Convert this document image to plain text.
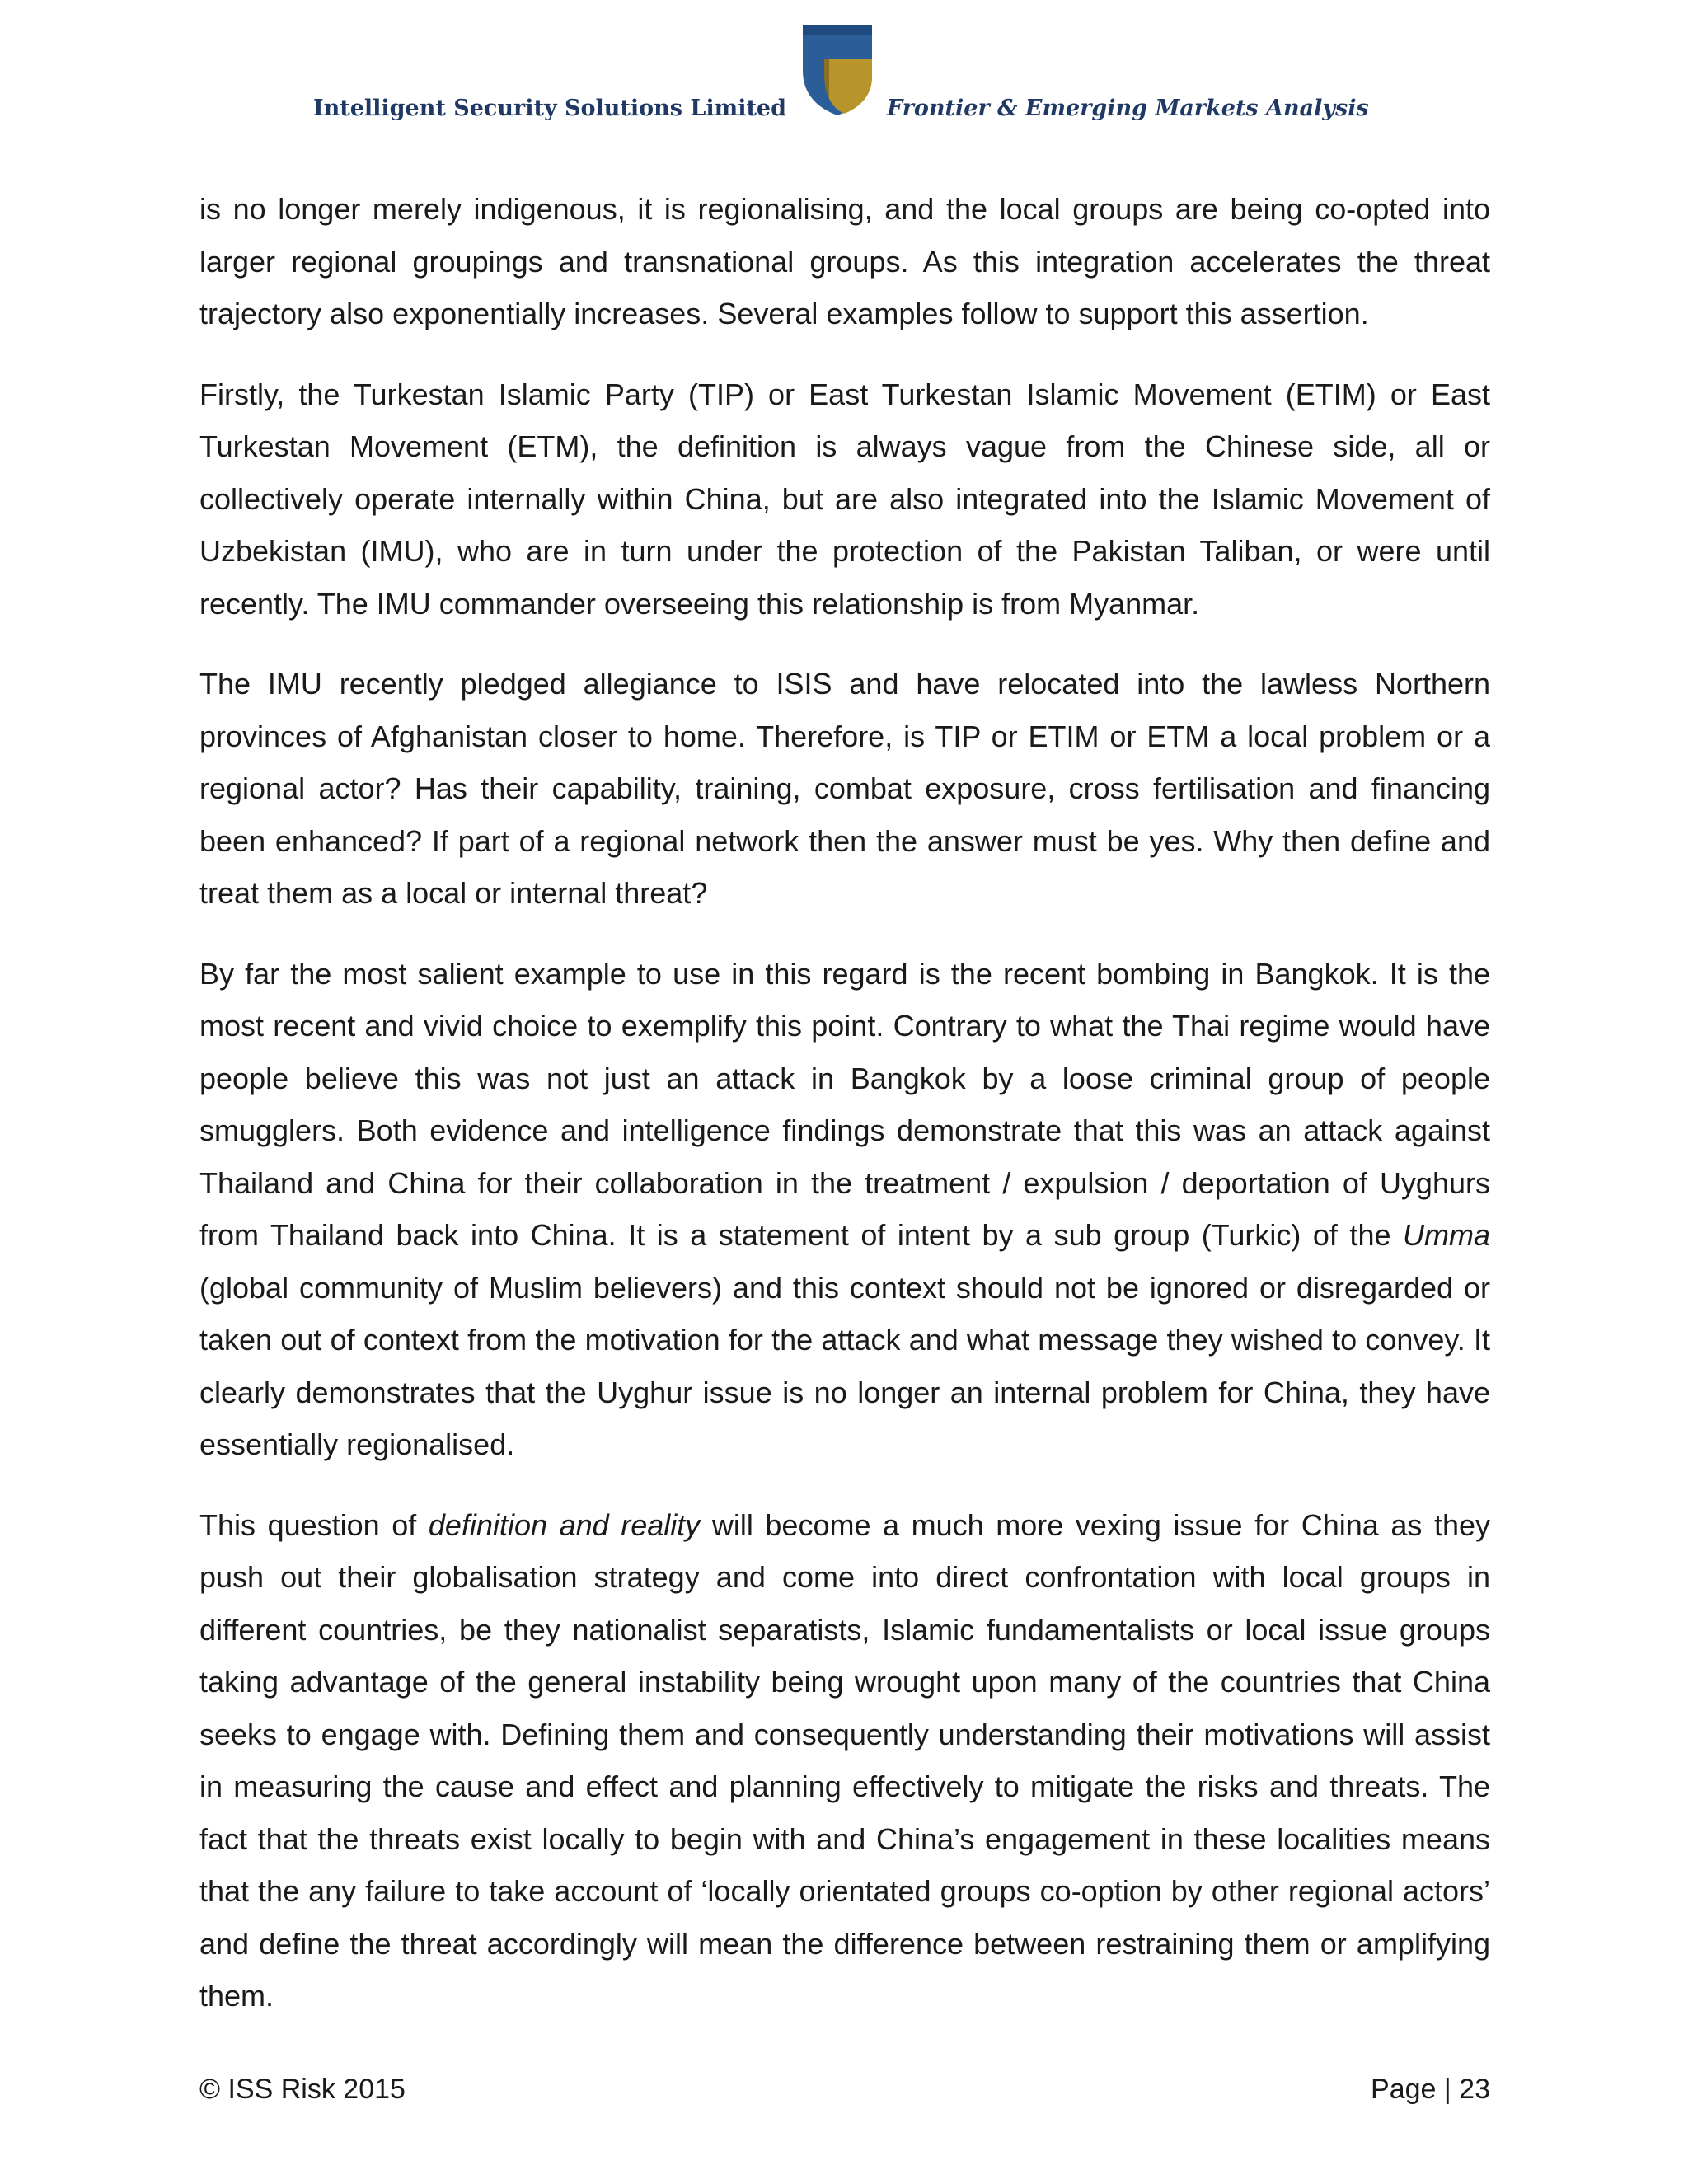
Intelligent Security Solutions Limited	Frontier & Emerging Markets Analysis

is no longer merely indigenous, it is regionalising, and the local groups are being co-opted into larger regional groupings and transnational groups. As this integration accelerates the threat trajectory also exponentially increases. Several examples follow to support this assertion.

Firstly, the Turkestan Islamic Party (TIP) or East Turkestan Islamic Movement (ETIM) or East Turkestan Movement (ETM), the definition is always vague from the Chinese side, all or collectively operate internally within China, but are also integrated into the Islamic Movement of Uzbekistan (IMU), who are in turn under the protection of the Pakistan Taliban, or were until recently. The IMU commander overseeing this relationship is from Myanmar.

The IMU recently pledged allegiance to ISIS and have relocated into the lawless Northern provinces of Afghanistan closer to home. Therefore, is TIP or ETIM or ETM a local problem or a regional actor? Has their capability, training, combat exposure, cross fertilisation and financing been enhanced? If part of a regional network then the answer must be yes. Why then define and treat them as a local or internal threat?

By far the most salient example to use in this regard is the recent bombing in Bangkok. It is the most recent and vivid choice to exemplify this point. Contrary to what the Thai regime would have people believe this was not just an attack in Bangkok by a loose criminal group of people smugglers. Both evidence and intelligence findings demonstrate that this was an attack against Thailand and China for their collaboration in the treatment / expulsion / deportation of Uyghurs from Thailand back into China. It is a statement of intent by a sub group (Turkic) of the Umma (global community of Muslim believers) and this context should not be ignored or disregarded or taken out of context from the motivation for the attack and what message they wished to convey. It clearly demonstrates that the Uyghur issue is no longer an internal problem for China, they have essentially regionalised.

This question of definition and reality will become a much more vexing issue for China as they push out their globalisation strategy and come into direct confrontation with local groups in different countries, be they nationalist separatists, Islamic fundamentalists or local issue groups taking advantage of the general instability being wrought upon many of the countries that China seeks to engage with. Defining them and consequently understanding their motivations will assist in measuring the cause and effect and planning effectively to mitigate the risks and threats. The fact that the threats exist locally to begin with and China’s engagement in these localities means that the any failure to take account of ‘locally orientated groups co-option by other regional actors’ and define the threat accordingly will mean the difference between restraining them or amplifying them.

© ISS Risk 2015	Page | 23
